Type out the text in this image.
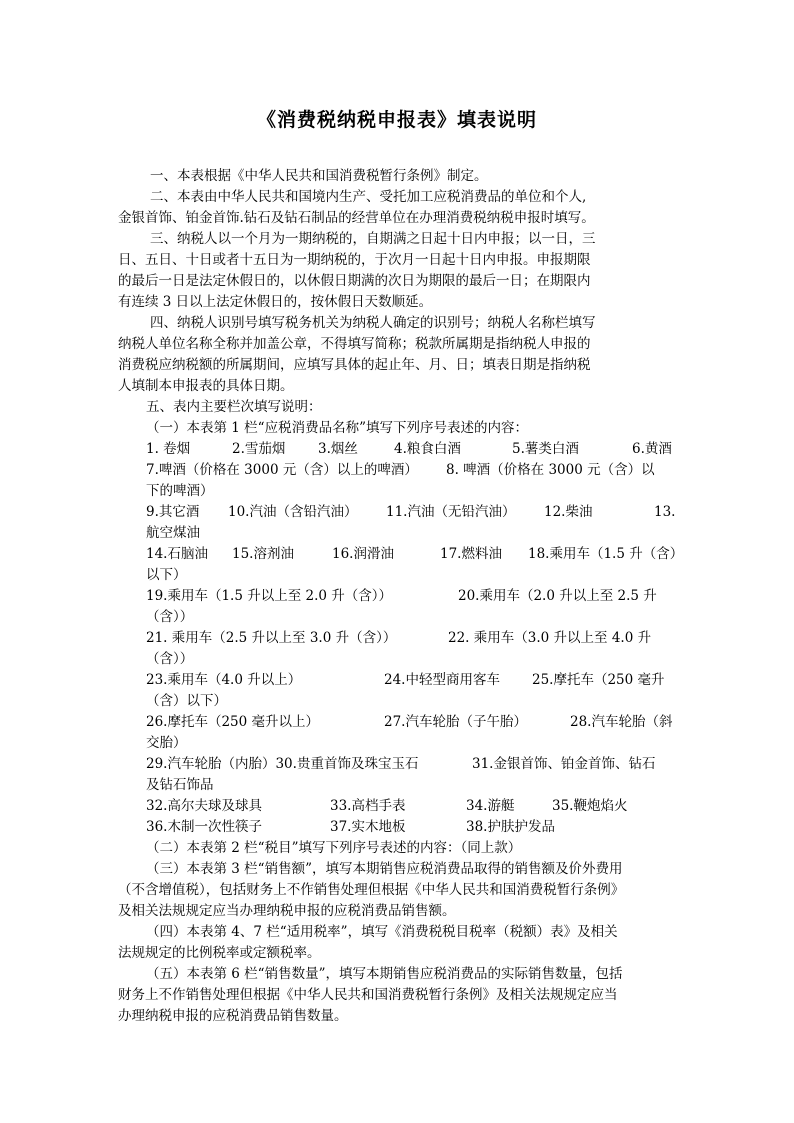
《消费税纳税申报表》填表说明
一、本表根据《中华人民共和国消费税暂行条例》制定。
二、本表由中华人民共和国境内生产、受托加工应税消费品的单位和个人,
金银首饰、铂金首饰.钻石及钻石制品的经营单位在办理消费税纳税申报时填写。
三、纳税人以一个月为一期纳税的，自期满之日起十日内申报；以一日，三
日、五日、十日或者十五日为一期纳税的，于次月一日起十日内申报。申报期限
的最后一日是法定休假日的，以休假日期满的次日为期限的最后一日；在期限内
有连续 3 日以上法定休假日的，按休假日天数顺延。
四、纳税人识别号填写税务机关为纳税人确定的识别号；纳税人名称栏填写
纳税人单位名称全称并加盖公章，不得填写简称；税款所属期是指纳税人申报的
消费税应纳税额的所属期间，应填写具体的起止年、月、日；填表日期是指纳税
人填制本申报表的具体日期。
五、表内主要栏次填写说明：
（一）本表第 1 栏“应税消费品名称”填写下列序号表述的内容：
1. 卷烟	2.雪茄烟 3.烟丝	4.粮食白酒	5.薯类白酒	6.黄酒
7.啤酒（价格在 3000 元（含）以上的啤酒） 8. 啤酒（价格在 3000 元（含）以
下的啤酒）
9.其它酒 10.汽油（含铅汽油） 11.汽油（无铅汽油） 12.柴油	13.
航空煤油
14.石脑油 15.溶剂油	16.润滑油	17.燃料油 18.乘用车（1.5 升（含）
以下）
19.乘用车（1.5 升以上至 2.0 升（含））	20.乘用车（2.0 升以上至 2.5 升
（含））
21. 乘用车（2.5 升以上至 3.0 升（含））	22. 乘用车（3.0 升以上至 4.0 升
（含））
23.乘用车（4.0 升以上）	24.中轻型商用客车 25.摩托车（250 毫升
（含）以下）
26.摩托车（250 毫升以上）	27.汽车轮胎（子午胎）	28.汽车轮胎（斜
交胎）
29.汽车轮胎（内胎）30.贵重首饰及珠宝玉石	31.金银首饰、铂金首饰、钻石
及钻石饰品
32.高尔夫球及球具	33.高档手表	34.游艇	35.鞭炮焰火
36.木制一次性筷子	37.实木地板	38.护肤护发品
（二）本表第 2 栏“税目”填写下列序号表述的内容：（同上款）
（三）本表第 3 栏“销售额”，填写本期销售应税消费品取得的销售额及价外费用
（不含增值税），包括财务上不作销售处理但根据《中华人民共和国消费税暂行条例》
及相关法规规定应当办理纳税申报的应税消费品销售额。
（四）本表第 4、7 栏“适用税率”，填写《消费税税目税率（税额）表》及相关
法规规定的比例税率或定额税率。
（五）本表第 6 栏“销售数量”，填写本期销售应税消费品的实际销售数量，包括
财务上不作销售处理但根据《中华人民共和国消费税暂行条例》及相关法规规定应当
办理纳税申报的应税消费品销售数量。
